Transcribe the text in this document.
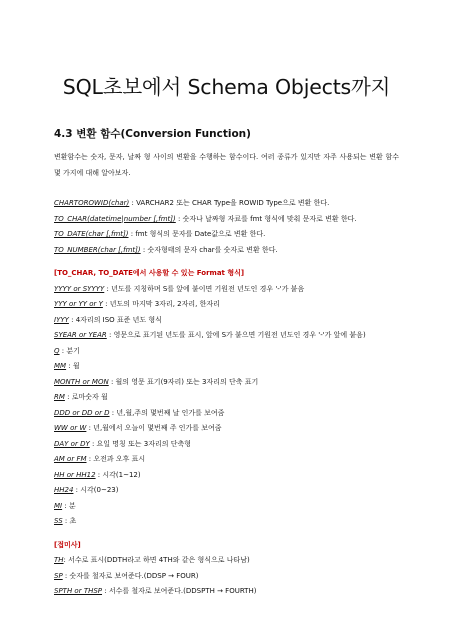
SQL초보에서 Schema Objects까지
4.3 변환 함수(Conversion Function)

변환함수는 숫자, 문자, 날짜 형 사이의 변환을 수행하는 함수이다. 여러 종류가 있지만 자주 사용되는 변환 함수 몇 가지에 대해 알아보자.

CHARTOROWID(char) : VARCHAR2 또는 CHAR Type을 ROWID Type으로 변환 한다.

TO_CHAR(datetime|number [,fmt]) : 숫자나 날짜형 자료를 fmt 형식에 맞춰 문자로 변환 한다.

TO_DATE(char [,fmt]) : fmt 형식의 문자를 Date값으로 변환 한다.

TO_NUMBER(char [,fmt]) : 숫자형태의 문자 char를 숫자로 변환 한다.

[TO_CHAR, TO_DATE에서 사용할 수 있는 Format 형식]

YYYY or SYYYY : 년도를 지칭하며 S를 앞에 붙이면 기원전 년도인 경우 '-'가 붙음

YYY or YY or Y : 년도의 마지막 3자리, 2자리, 한자리

IYYY : 4자리의 ISO 표준 년도 형식

SYEAR or YEAR : 영문으로 표기된 년도를 표시, 앞에 S가 붙으면 기원전 년도인 경우 '-'가 앞에 붙음)

Q : 분기

MM : 월

MONTH or MON : 월의 영문 표기(9자리) 또는 3자리의 단축 표기

RM : 로마숫자 월

DDD or DD or D : 년,월,주의 몇번째 날 인가를 보여줌

WW or W : 년,월에서 오늘이 몇번째 주 인가를 보여줌

DAY or DY : 요일 명칭 또는 3자리의 단축형

AM or FM : 오전과 오후 표시

HH or HH12 : 시각(1~12)

HH24 : 시각(0~23)

MI : 분

SS : 초

[접미사]

TH: 서수로 표시(DDTH라고 하면 4TH와 같은 형식으로 나타남)

SP : 숫자를 철자로 보여준다.(DDSP → FOUR)

SPTH or THSP : 서수를 철자로 보여준다.(DDSPTH → FOURTH)
